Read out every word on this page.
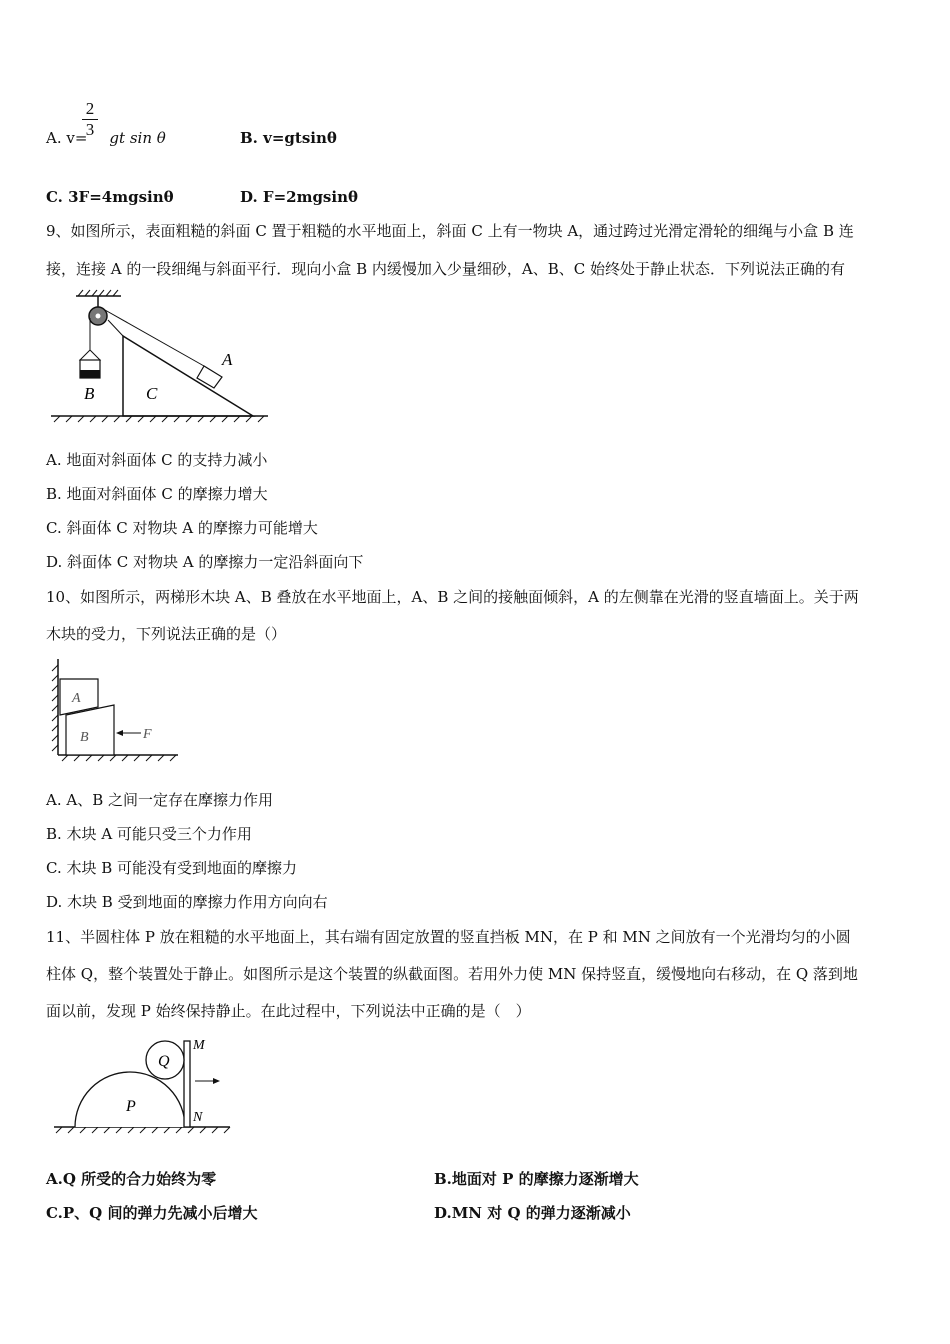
A. v= gt sin θ
2
3	B. v=gtsinθ
C. 3F=4mgsinθ	D. F=2mgsinθ
9、如图所示，表面粗糙的斜面 C 置于粗糙的水平地面上，斜面 C 上有一物块 A，通过跨过光滑定滑轮的细绳与小盒 B 连
接，连接 A 的一段细绳与斜面平行．现向小盒 B 内缓慢加入少量细砂，A、B、C 始终处于静止状态．下列说法正确的有
A
B	C
A. 地面对斜面体 C 的支持力减小
B. 地面对斜面体 C 的摩擦力增大
C. 斜面体 C 对物块 A 的摩擦力可能增大
D. 斜面体 C 对物块 A 的摩擦力一定沿斜面向下
10、如图所示，两梯形木块 A、B 叠放在水平地面上，A、B 之间的接触面倾斜，A 的左侧靠在光滑的竖直墙面上。关于两
木块的受力，下列说法正确的是（）
A
B	F
A. A、B 之间一定存在摩擦力作用
B. 木块 A 可能只受三个力作用
C. 木块 B 可能没有受到地面的摩擦力
D. 木块 B 受到地面的摩擦力作用方向向右
11、半圆柱体 P 放在粗糙的水平地面上，其右端有固定放置的竖直挡板 MN，在 P 和 MN 之间放有一个光滑均匀的小圆
柱体 Q，整个装置处于静止。如图所示是这个装置的纵截面图。若用外力使 MN 保持竖直，缓慢地向右移动，在 Q 落到地
面以前，发现 P 始终保持静止。在此过程中，下列说法中正确的是（　）
P
Q
M
N
A.Q 所受的合力始终为零	B.地面对 P 的摩擦力逐渐增大
C.P、Q 间的弹力先减小后增大	D.MN 对 Q 的弹力逐渐减小
